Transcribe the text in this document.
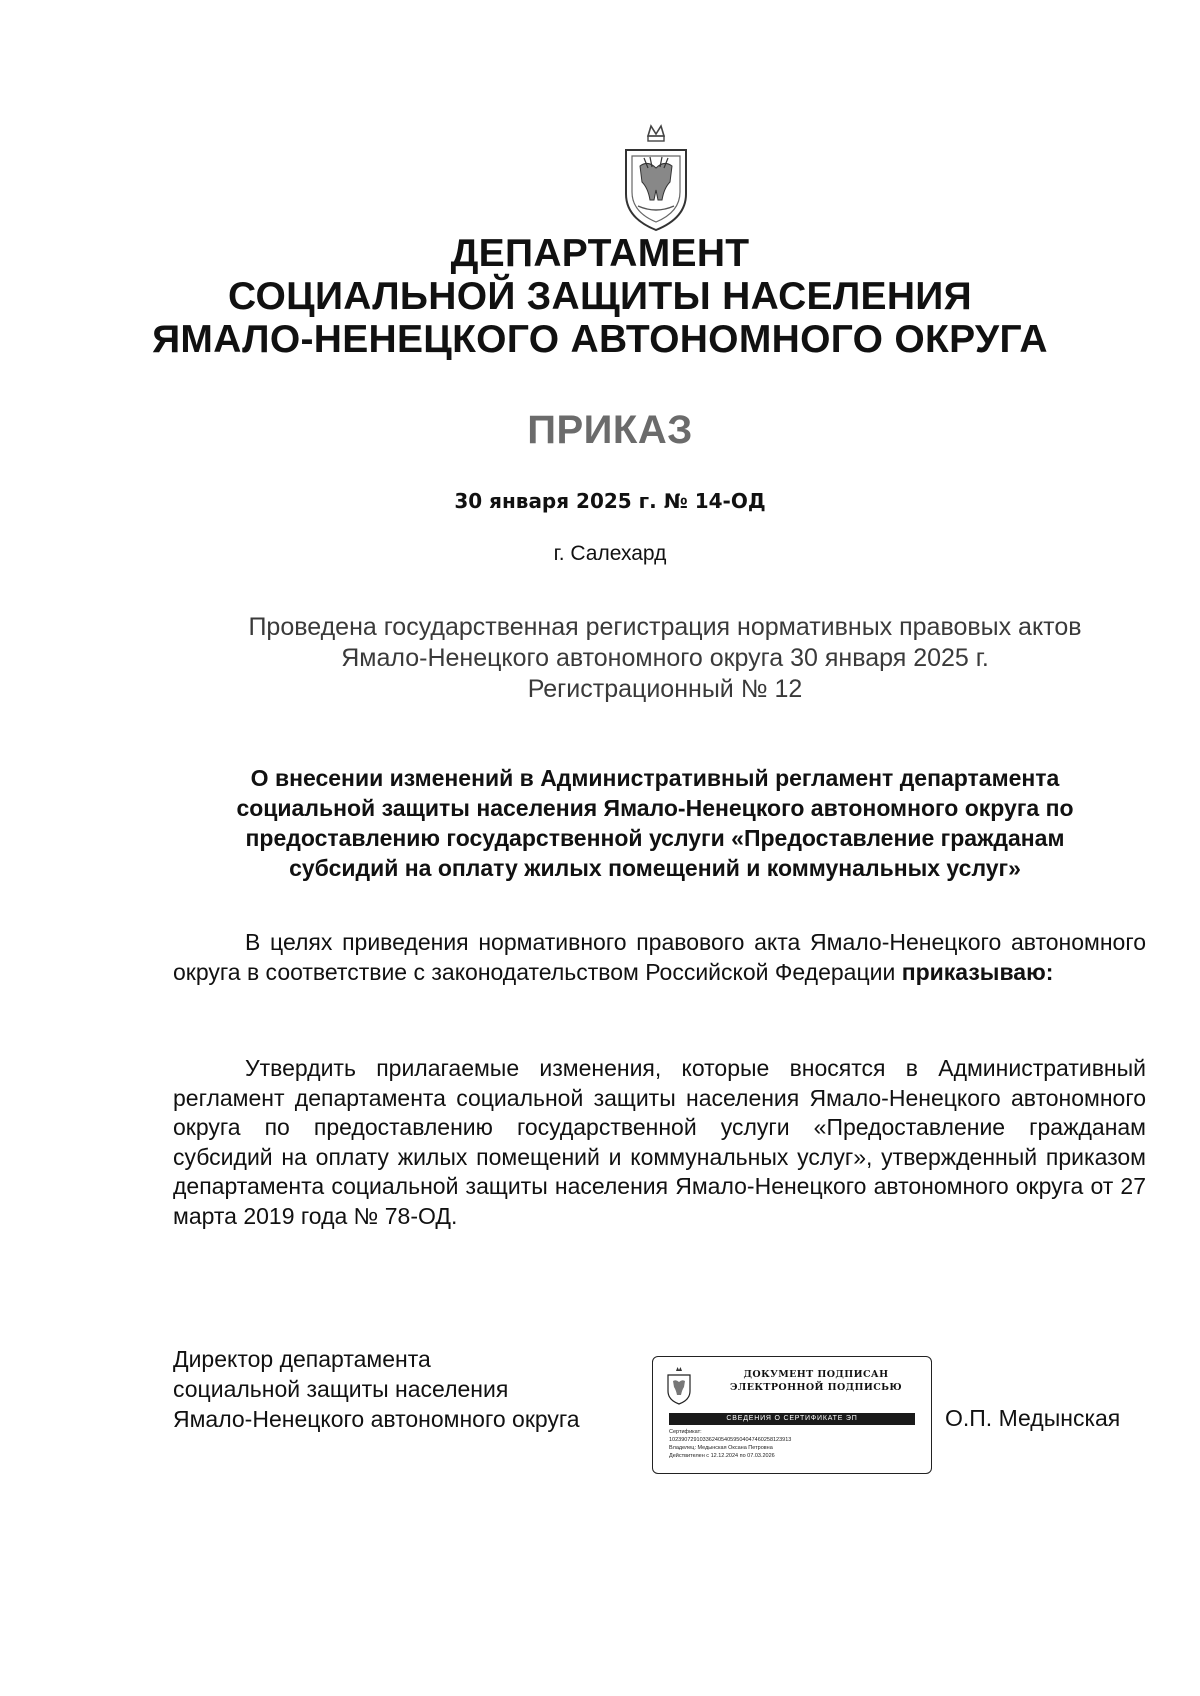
ДЕПАРТАМЕНТ
СОЦИАЛЬНОЙ ЗАЩИТЫ НАСЕЛЕНИЯ
ЯМАЛО-НЕНЕЦКОГО АВТОНОМНОГО ОКРУГА
ПРИКАЗ
30 января 2025 г. № 14-ОД
г. Салехард
Проведена государственная регистрация нормативных правовых актов
Ямало-Ненецкого автономного округа 30 января 2025 г.
Регистрационный № 12
О внесении изменений в Административный регламент департамента
социальной защиты населения Ямало-Ненецкого автономного округа по
предоставлению государственной услуги «Предоставление гражданам
субсидий на оплату жилых помещений и коммунальных услуг»
В целях приведения нормативного правового акта Ямало-Ненецкого автономного округа в соответствие с законодательством Российской Федерации приказываю:
Утвердить прилагаемые изменения, которые вносятся в Административный регламент департамента социальной защиты населения Ямало-Ненецкого автономного округа по предоставлению государственной услуги «Предоставление гражданам субсидий на оплату жилых помещений и коммунальных услуг», утвержденный приказом департамента социальной защиты населения Ямало-Ненецкого автономного округа от 27 марта 2019 года № 78-ОД.
Директор департамента
социальной защиты населения
Ямало-Ненецкого автономного округа
ДОКУМЕНТ ПОДПИСАН
ЭЛЕКТРОННОЙ ПОДПИСЬЮ
СВЕДЕНИЯ О СЕРТИФИКАТЕ ЭП
Сертификат:
1023907291033624054059504047460258123913
Владелец: Медынская Оксана Петровна
Действителен с 12.12.2024 по 07.03.2026
О.П. Медынская
